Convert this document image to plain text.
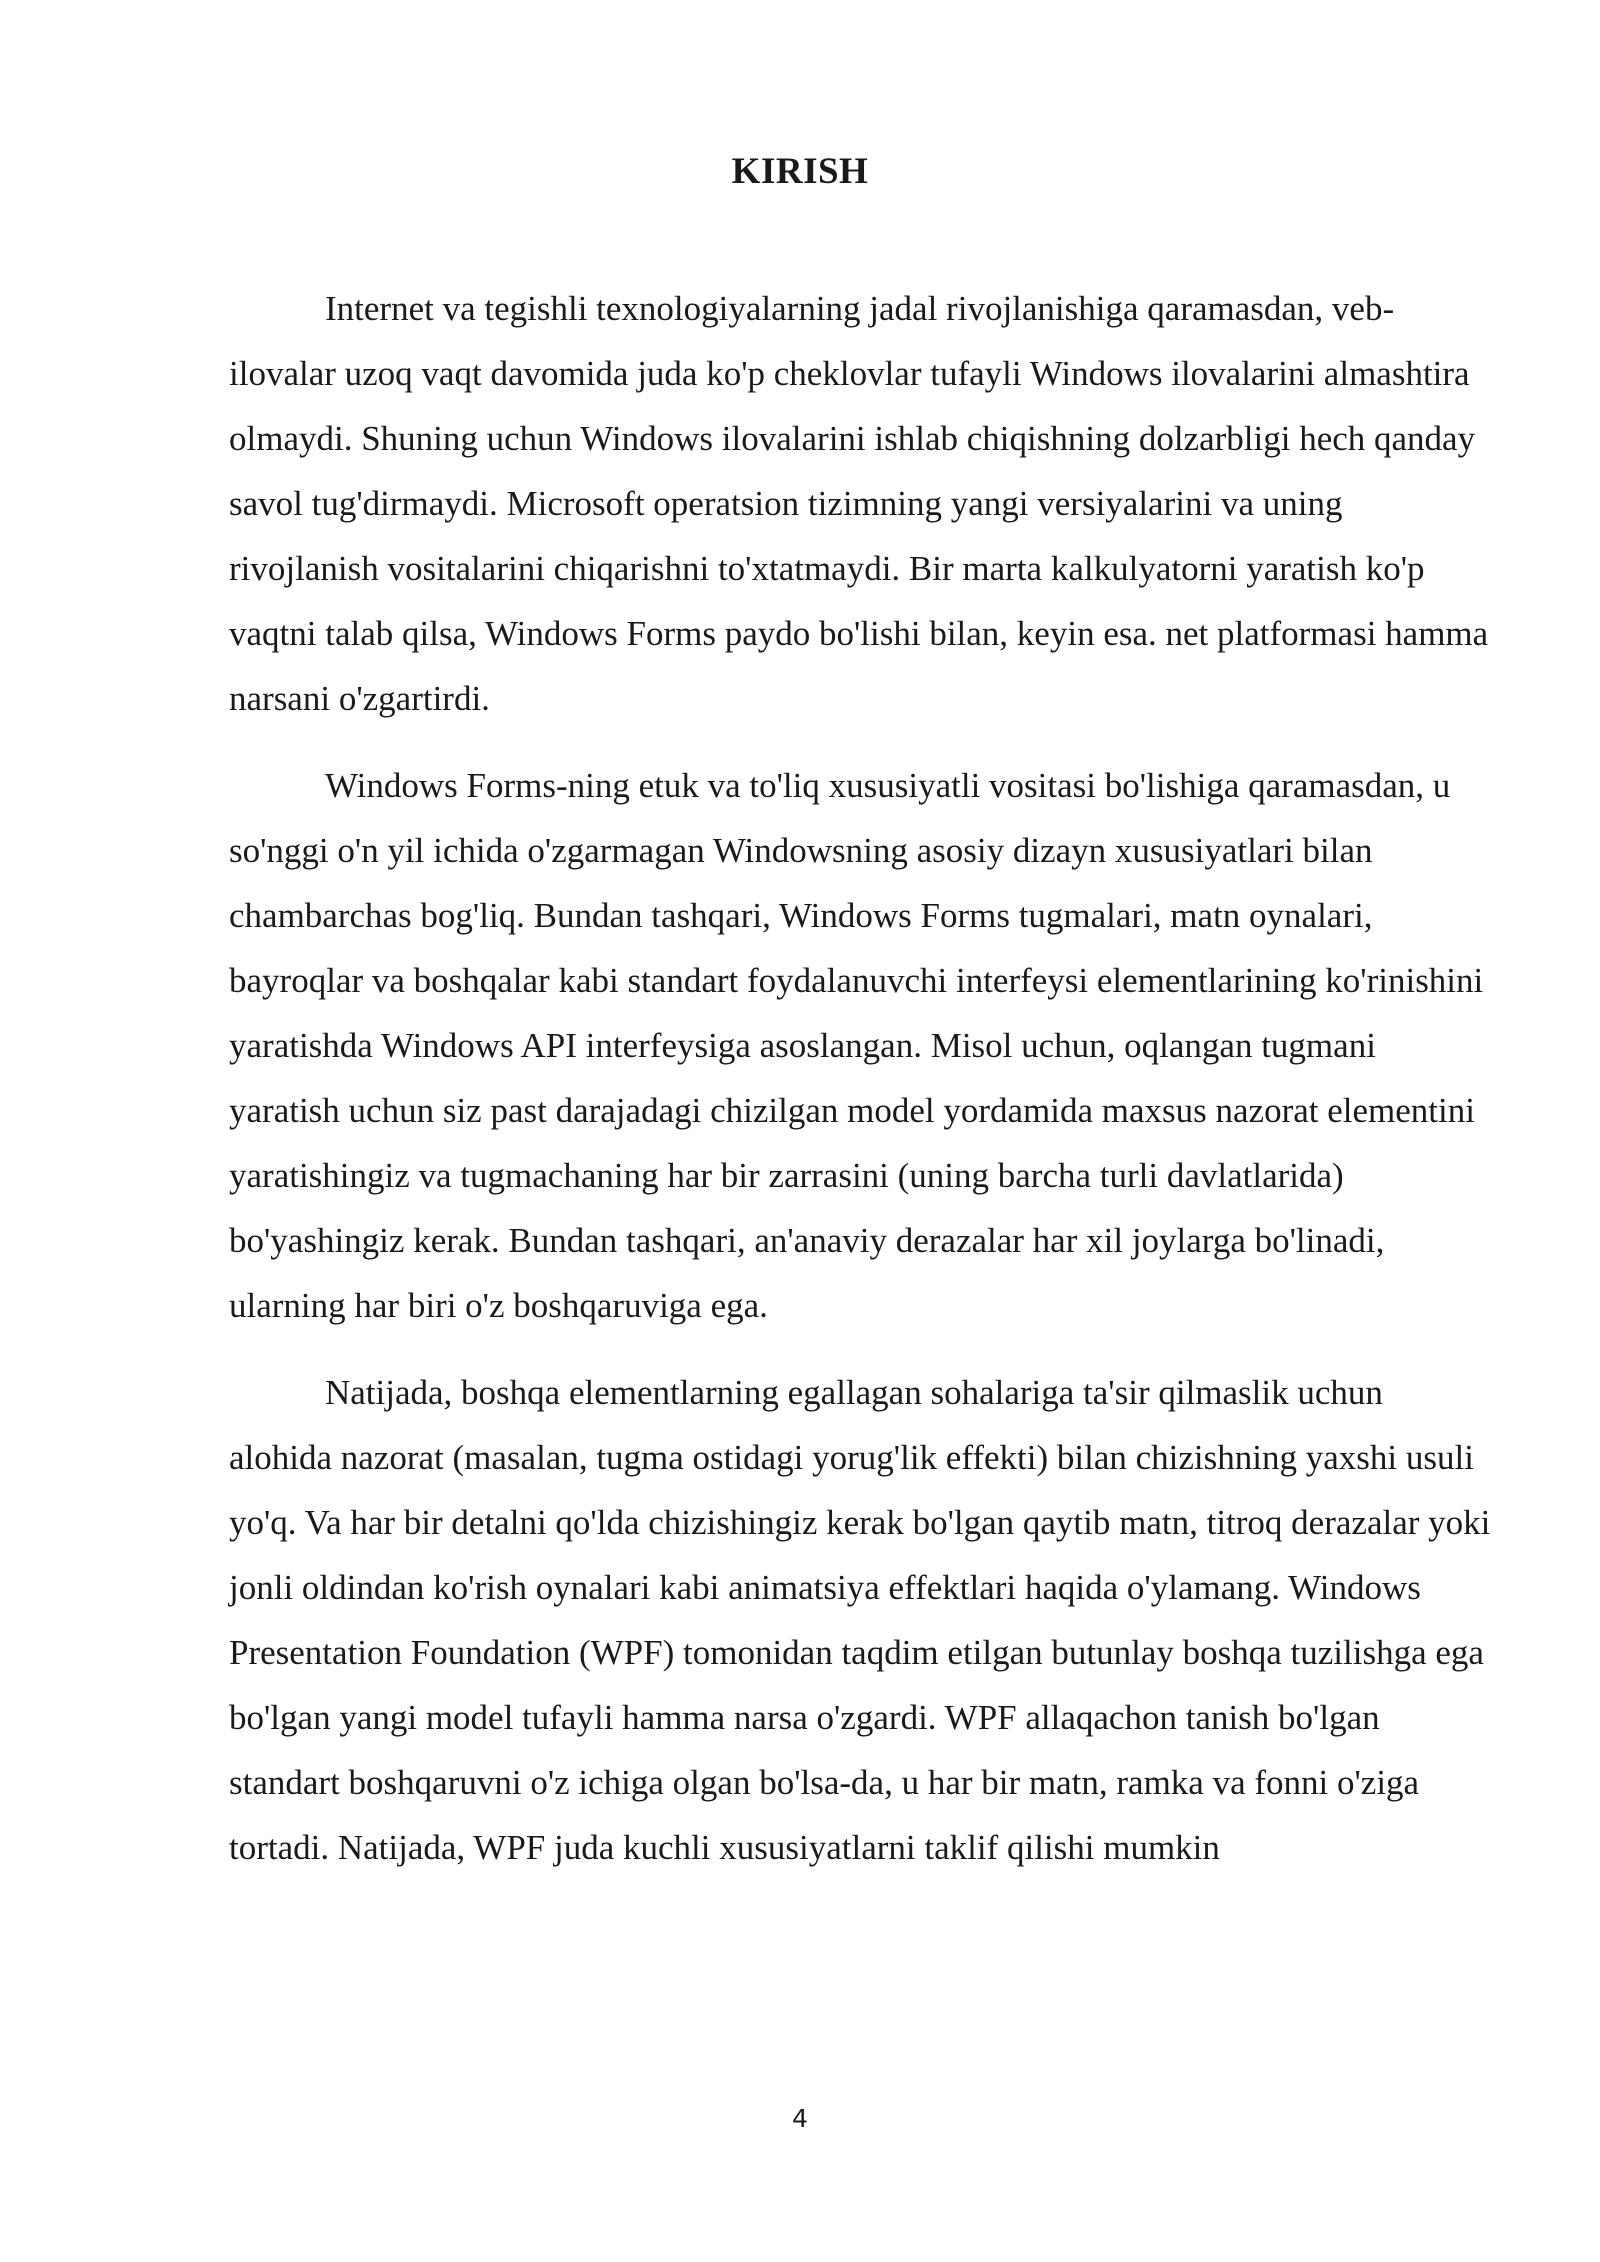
KIRISH

Internet va tegishli texnologiyalarning jadal rivojlanishiga qaramasdan, veb-ilovalar uzoq vaqt davomida juda ko'p cheklovlar tufayli Windows ilovalarini almashtira olmaydi. Shuning uchun Windows ilovalarini ishlab chiqishning dolzarbligi hech qanday savol tug'dirmaydi. Microsoft operatsion tizimning yangi versiyalarini va uning rivojlanish vositalarini chiqarishni to'xtatmaydi. Bir marta kalkulyatorni yaratish ko'p vaqtni talab qilsa, Windows Forms paydo bo'lishi bilan, keyin esa. net platformasi hamma narsani o'zgartirdi.

Windows Forms-ning etuk va to'liq xususiyatli vositasi bo'lishiga qaramasdan, u so'nggi o'n yil ichida o'zgarmagan Windowsning asosiy dizayn xususiyatlari bilan chambarchas bog'liq. Bundan tashqari, Windows Forms tugmalari, matn oynalari, bayroqlar va boshqalar kabi standart foydalanuvchi interfeysi elementlarining ko'rinishini yaratishda Windows API interfeysiga asoslangan. Misol uchun, oqlangan tugmani yaratish uchun siz past darajadagi chizilgan model yordamida maxsus nazorat elementini yaratishingiz va tugmachaning har bir zarrasini (uning barcha turli davlatlarida) bo'yashingiz kerak. Bundan tashqari, an'anaviy derazalar har xil joylarga bo'linadi, ularning har biri o'z boshqaruviga ega.

Natijada, boshqa elementlarning egallagan sohalariga ta'sir qilmaslik uchun alohida nazorat (masalan, tugma ostidagi yorug'lik effekti) bilan chizishning yaxshi usuli yo'q. Va har bir detalni qo'lda chizishingiz kerak bo'lgan qaytib matn, titroq derazalar yoki jonli oldindan ko'rish oynalari kabi animatsiya effektlari haqida o'ylamang. Windows Presentation Foundation (WPF) tomonidan taqdim etilgan butunlay boshqa tuzilishga ega bo'lgan yangi model tufayli hamma narsa o'zgardi. WPF allaqachon tanish bo'lgan standart boshqaruvni o'z ichiga olgan bo'lsa-da, u har bir matn, ramka va fonni o'ziga tortadi. Natijada, WPF juda kuchli xususiyatlarni taklif qilishi mumkin

4
